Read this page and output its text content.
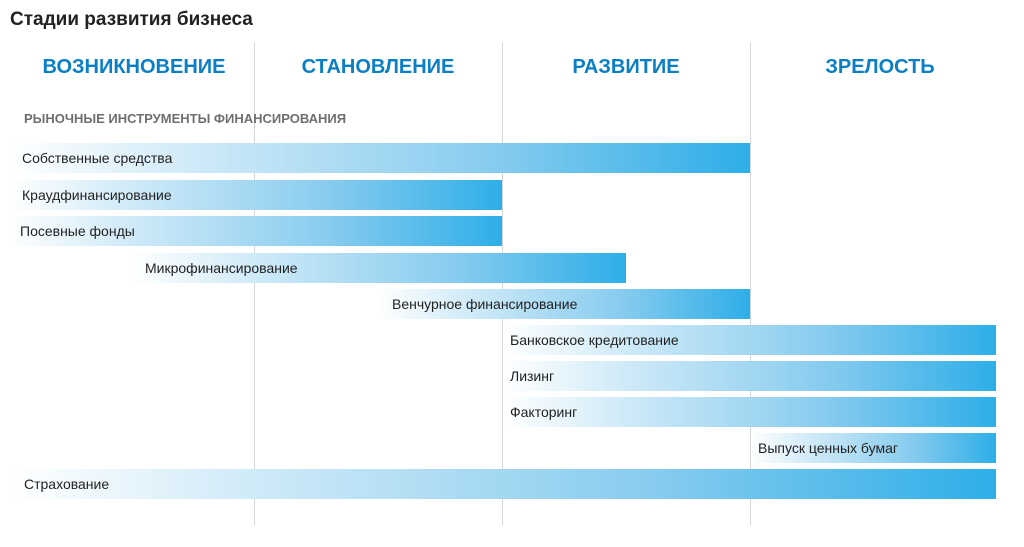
Стадии развития бизнеса
ВОЗНИКНОВЕНИЕ	СТАНОВЛЕНИЕ	РАЗВИТИЕ	ЗРЕЛОСТЬ
РЫНОЧНЫЕ ИНСТРУМЕНТЫ ФИНАНСИРОВАНИЯ
Собственные средства
Краудфинансирование
Посевные фонды
Микрофинансирование
Венчурное финансирование
Банковское кредитование
Лизинг
Факторинг
Выпуск ценных бумаг
Страхование
